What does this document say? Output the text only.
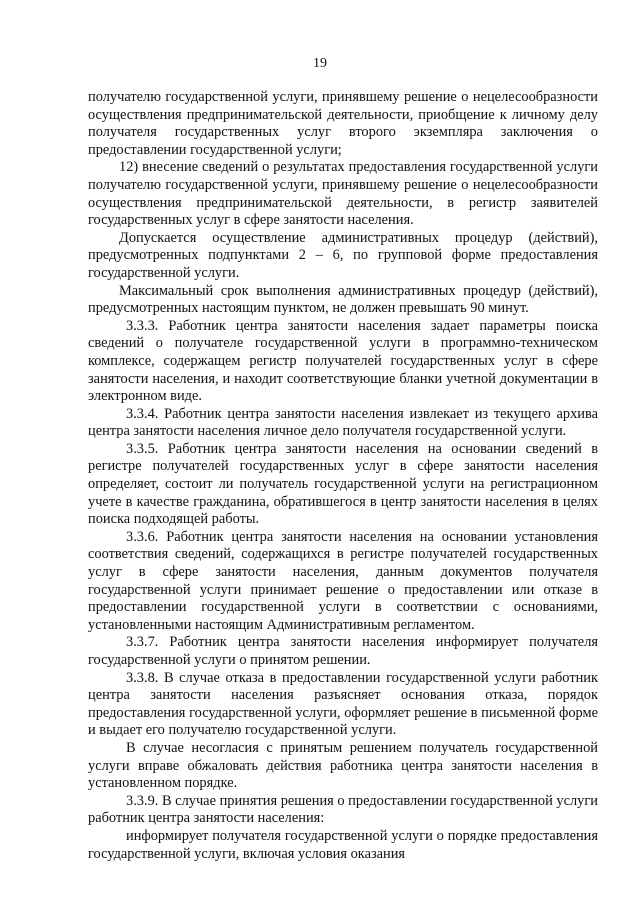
19

получателю государственной услуги, принявшему решение о нецелесообразности осуществления предпринимательской деятельности, приобщение к личному делу получателя государственных услуг второго экземпляра заключения о предоставлении государственной услуги;

12) внесение сведений о результатах предоставления государственной услуги получателю государственной услуги, принявшему решение о нецелесообразности осуществления предпринимательской деятельности, в регистр заявителей государственных услуг в сфере занятости населения.

Допускается осуществление административных процедур (действий), предусмотренных подпунктами 2 – 6, по групповой форме предоставления государственной услуги.

Максимальный срок выполнения административных процедур (действий), предусмотренных настоящим пунктом, не должен превышать 90 минут.

3.3.3. Работник центра занятости населения задает параметры поиска сведений о получателе государственной услуги в программно-техническом комплексе, содержащем регистр получателей государственных услуг в сфере занятости населения, и находит соответствующие бланки учетной документации в электронном виде.

3.3.4. Работник центра занятости населения извлекает из текущего архива центра занятости населения личное дело получателя государственной услуги.

3.3.5. Работник центра занятости населения на основании сведений в регистре получателей государственных услуг в сфере занятости населения определяет, состоит ли получатель государственной услуги на регистрационном учете в качестве гражданина, обратившегося в центр занятости населения в целях поиска подходящей работы.

3.3.6. Работник центра занятости населения на основании установления соответствия сведений, содержащихся в регистре получателей государственных услуг в сфере занятости населения, данным документов получателя государственной услуги принимает решение о предоставлении или отказе в предоставлении государственной услуги в соответствии с основаниями, установленными настоящим Административным регламентом.

3.3.7. Работник центра занятости населения информирует получателя государственной услуги о принятом решении.

3.3.8. В случае отказа в предоставлении государственной услуги работник центра занятости населения разъясняет основания отказа, порядок предоставления государственной услуги, оформляет решение в письменной форме и выдает его получателю государственной услуги.

В случае несогласия с принятым решением получатель государственной услуги вправе обжаловать действия работника центра занятости населения в установленном порядке.

3.3.9. В случае принятия решения о предоставлении государственной услуги работник центра занятости населения:

информирует получателя государственной услуги о порядке предоставления государственной услуги, включая условия оказания
